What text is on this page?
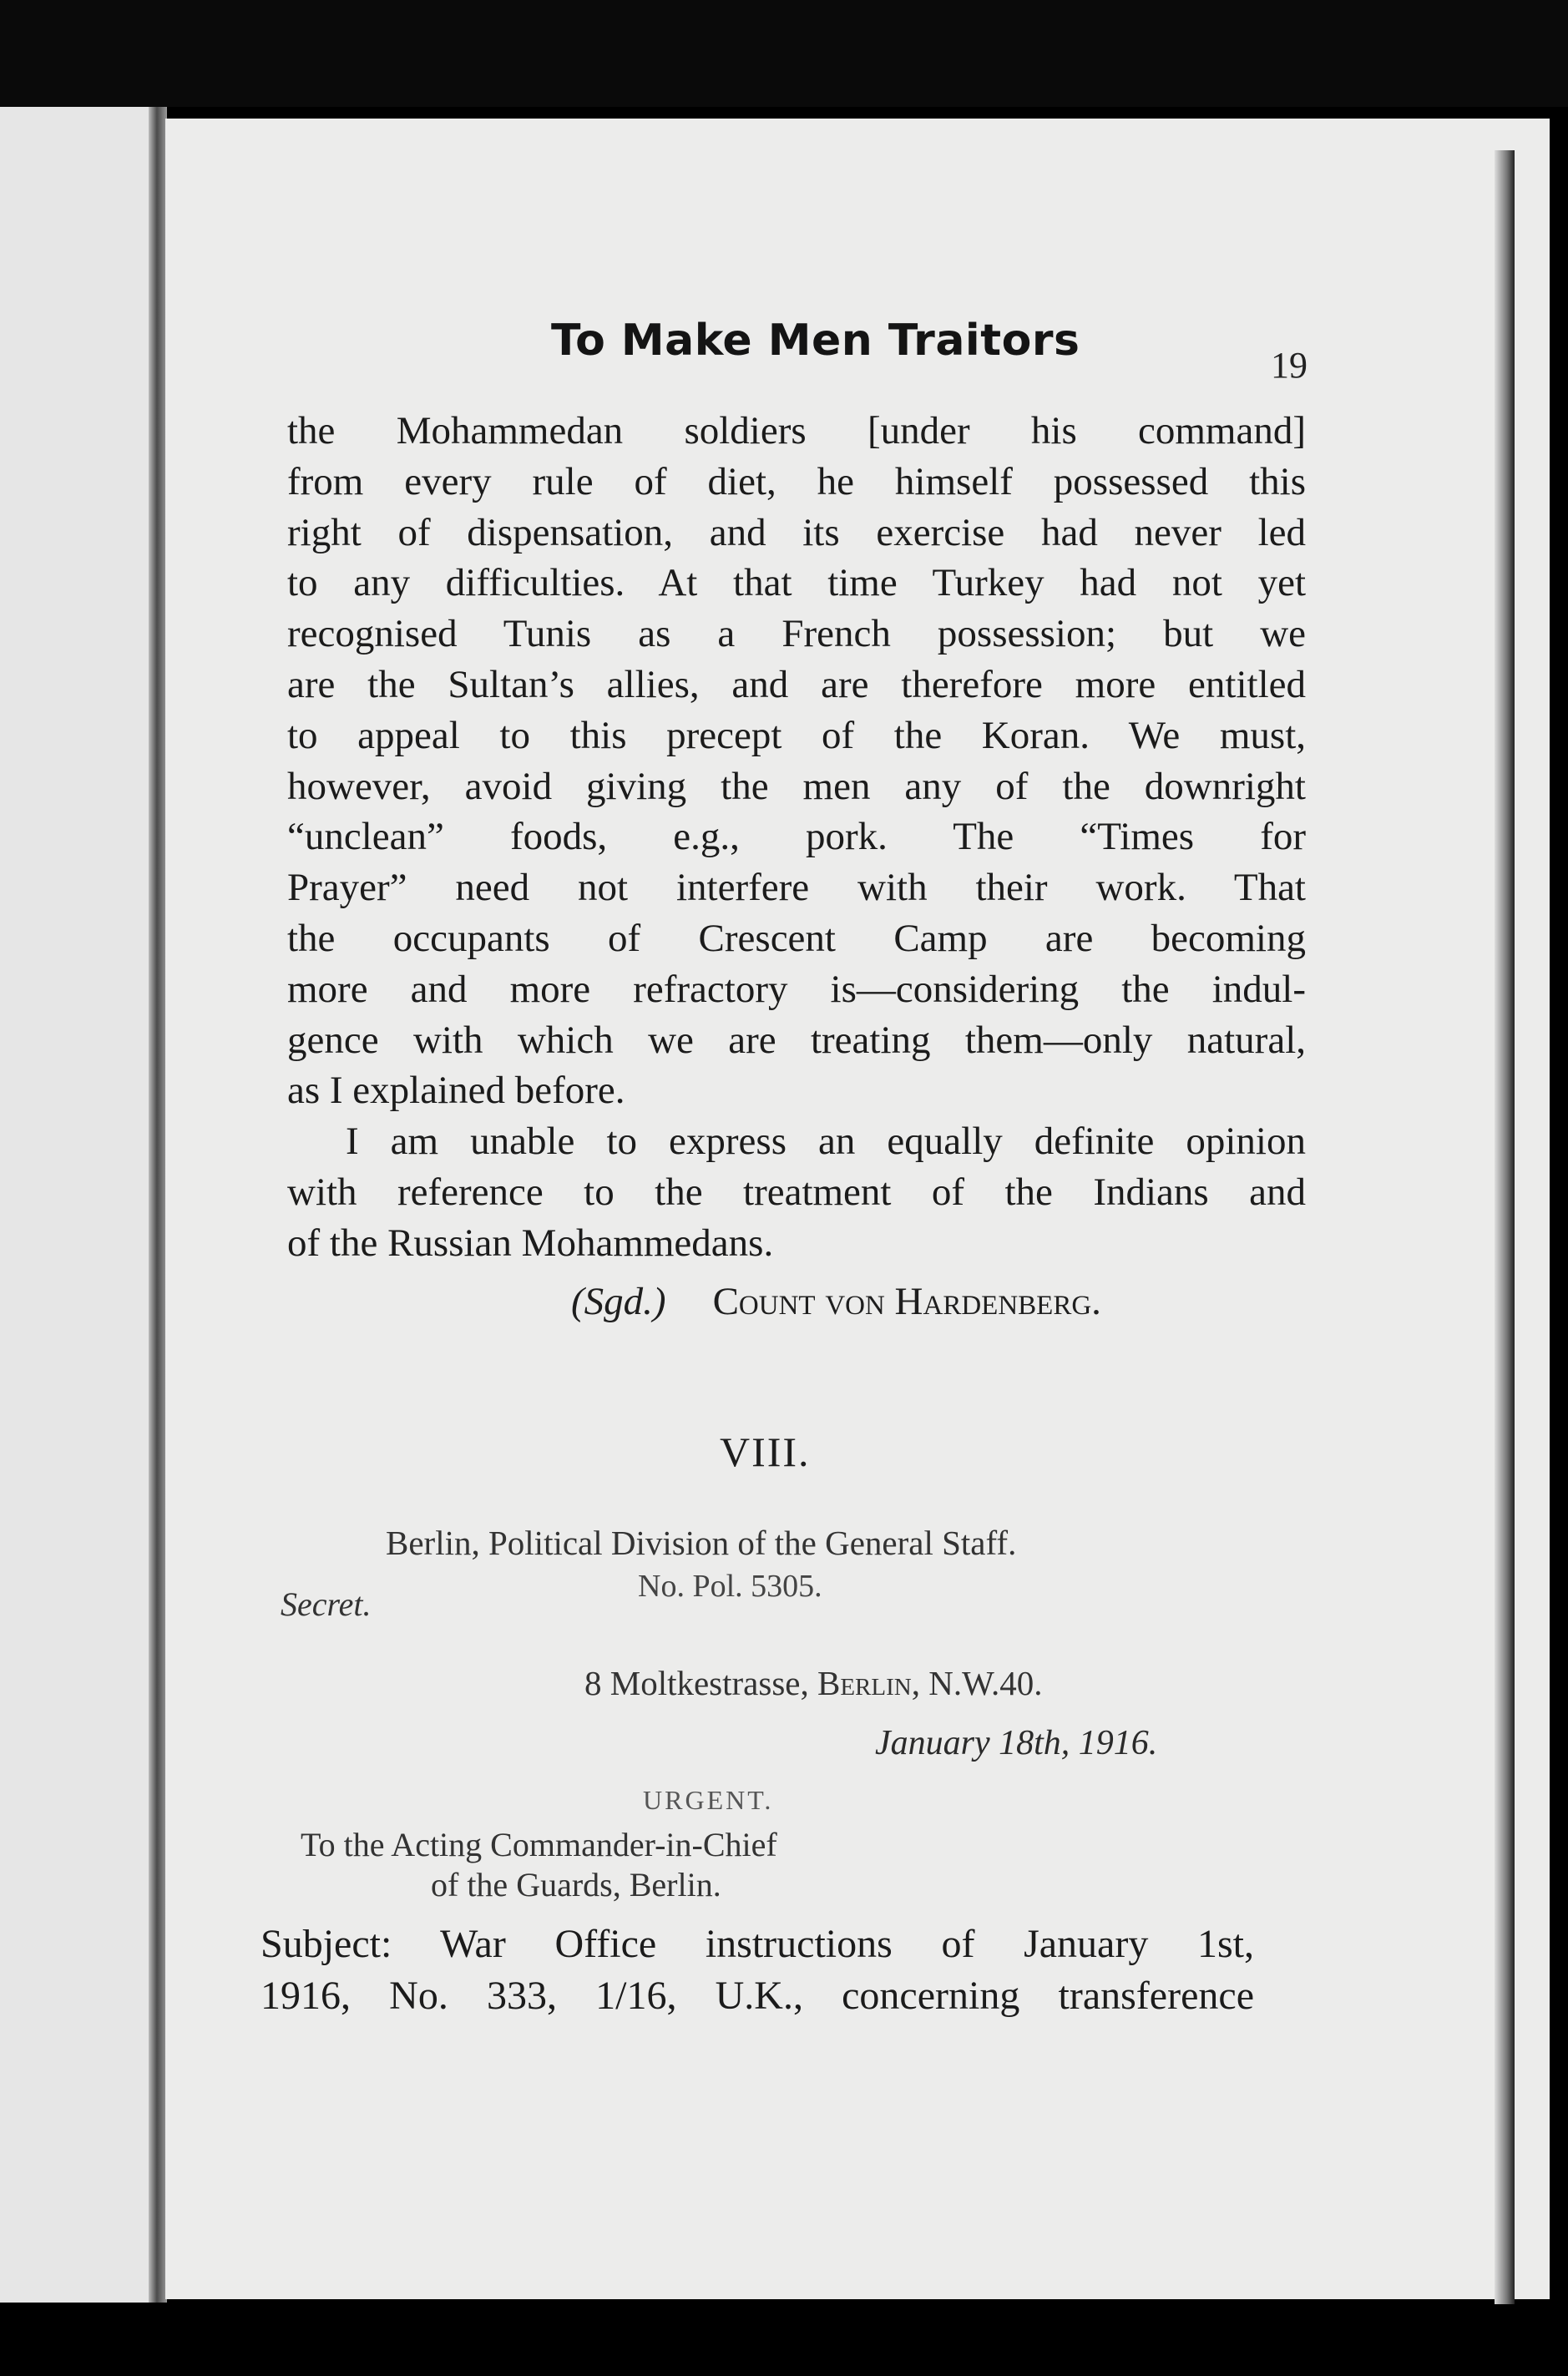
To Make Men Traitors	19
the Mohammedan soldiers [under his command]
from every rule of diet, he himself possessed this
right of dispensation, and its exercise had never led
to any difficulties. At that time Turkey had not yet
recognised Tunis as a French possession; but we
are the Sultan’s allies, and are therefore more entitled
to appeal to this precept of the Koran. We must,
however, avoid giving the men any of the downright
“unclean” foods, e.g., pork. The “Times for
Prayer” need not interfere with their work. That
the occupants of Crescent Camp are becoming
more and more refractory is—considering the indul-
gence with which we are treating them—only natural,
as I explained before.
I am unable to express an equally definite opinion
with reference to the treatment of the Indians and
of the Russian Mohammedans.
(Sgd.) Count von Hardenberg.
VIII.
Berlin, Political Division of the General Staff.
No. Pol. 5305.
Secret.
8 Moltkestrasse, Berlin, N.W.40.
January 18th, 1916.
URGENT.
To the Acting Commander-in-Chief
of the Guards, Berlin.
Subject: War Office instructions of January 1st,
1916, No. 333, 1/16, U.K., concerning transference
